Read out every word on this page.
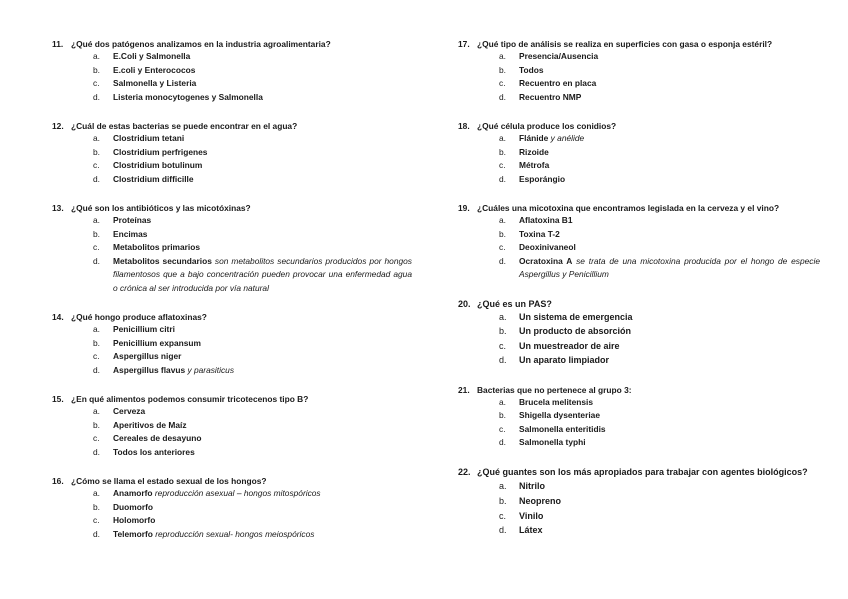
11. ¿Qué dos patógenos analizamos en la industria agroalimentaria?
a.	E.Coli y Salmonella
b.	E.coli y Enterococos
c.	Salmonella y Listeria
d.	Listeria monocytogenes y Salmonella
12. ¿Cuál de estas bacterias se puede encontrar en el agua?
a.	Clostridium tetani
b.	Clostridium perfrigenes
c.	Clostridium botulinum
d.	Clostridium difficille
13. ¿Qué son los antibióticos y las micotóxinas?
a.	Proteínas
b.	Encimas
c.	Metabolitos primarios
d.	Metabolitos secundarios son metabolitos secundarios producidos por hongos filamentosos que a bajo concentración pueden provocar una enfermedad agua o crónica al ser introducida por vía natural
14. ¿Qué hongo produce aflatoxinas?
a.	Penicillium citri
b.	Penicillium expansum
c.	Aspergillus niger
d.	Aspergillus flavus y parasiticus
15. ¿En qué alimentos podemos consumir tricotecenos tipo B?
a.	Cerveza
b.	Aperitivos de Maíz
c.	Cereales de desayuno
d.	Todos los anteriores
16. ¿Cómo se llama el estado sexual de los hongos?
a.	Anamorfo reproducción asexual – hongos mitospóricos
b.	Duomorfo
c.	Holomorfo
d.	Telemorfo reproducción sexual- hongos meiospóricos
17. ¿Qué tipo de análisis se realiza en superficies con gasa o esponja estéril?
a.	Presencia/Ausencia
b.	Todos
c.	Recuentro en placa
d.	Recuentro NMP
18. ¿Qué célula produce los conidios?
a.	Flánide y anélide
b.	Rizoide
c.	Métrofa
d.	Esporángio
19. ¿Cuáles una micotoxina que encontramos legislada en la cerveza y el vino?
a.	Aflatoxina B1
b.	Toxina T-2
c.	Deoxinivaneol
d.	Ocratoxina A se trata de una micotoxina producida por el hongo de especie Aspergillus y Penicillium
20. ¿Qué es un PAS?
a.	Un sistema de emergencia
b.	Un producto de absorción
c.	Un muestreador de aire
d.	Un aparato limpiador
21. Bacterias que no pertenece al grupo 3:
a.	Brucela melitensis
b.	Shigella dysenteriae
c.	Salmonella enteritidis
d.	Salmonella typhi
22. ¿Qué guantes son los más apropiados para trabajar con agentes biológicos?
a.	Nitrilo
b.	Neopreno
c.	Vinilo
d.	Látex
